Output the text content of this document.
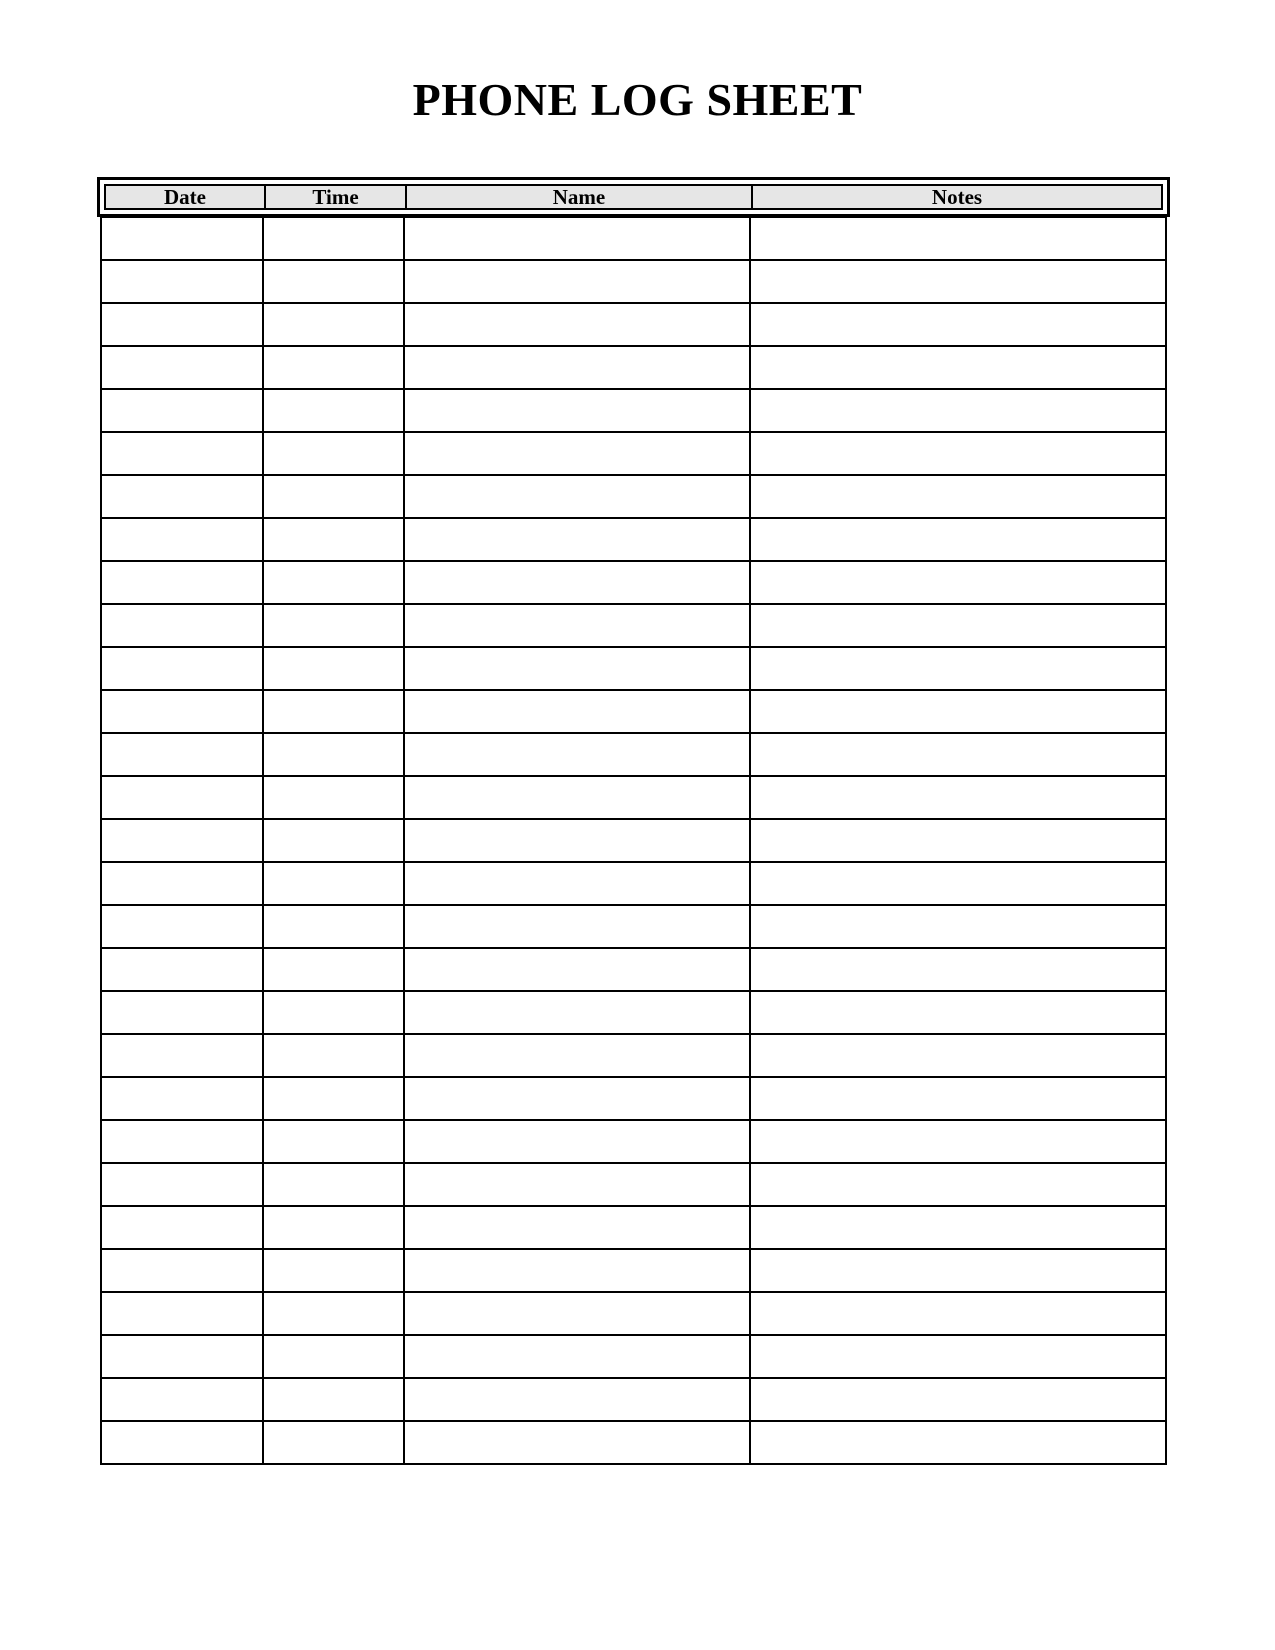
PHONE LOG SHEET
Date	Time	Name	Notes
